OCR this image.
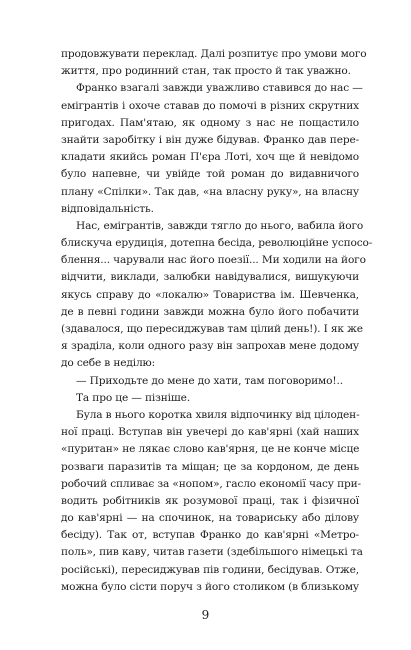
продовжувати переклад. Далі розпитує про умови мого
життя, про родинний стан, так просто й так уважно.
Франко взагалі завжди уважливо ставився до нас —
емігрантів і охоче ставав до помочі в різних скрутних
пригодах. Пам'ятаю, як одному з нас не пощастило
знайти заробітку і він дуже бідував. Франко дав пере-
кладати якийсь роман П'єра Лоті, хоч ще й невідомо
було напевне, чи увійде той роман до видавничого
плану «Спілки». Так дав, «на власну руку», на власну
відповідальність.
Нас, емігрантів, завжди тягло до нього, вабила його
блискуча ерудиція, дотепна бесіда, революційне успосо-
блення... чарували нас його поезії... Ми ходили на його
відчити, виклади, залюбки навідувалися, вишукуючи
якусь справу до «локалю» Товариства ім. Шевченка,
де в певні години завжди можна було його побачити
(здавалося, що пересиджував там цілий день!). І як же
я зраділа, коли одного разу він запрохав мене додому
до себе в неділю:
— Приходьте до мене до хати, там поговоримо!..
Та про це — пізніше.
Була в нього коротка хвиля відпочинку від цілоден-
ної праці. Вступав він увечері до кав'ярні (хай наших
«пуритан» не лякає слово кав'ярня, це не конче місце
розваги паразитів та міщан; це за кордоном, де день
робочий спливає за «нопом», гасло економії часу при-
водить робітників як розумової праці, так і фізичної
до кав'ярні — на спочинок, на товариську або ділову
бесіду). Так от, вступав Франко до кав'ярні «Метро-
поль», пив каву, читав газети (здебільшого німецькі та
російські), пересиджував пів години, бесідував. Отже,
можна було сісти поруч з його столиком (в близькому
9
